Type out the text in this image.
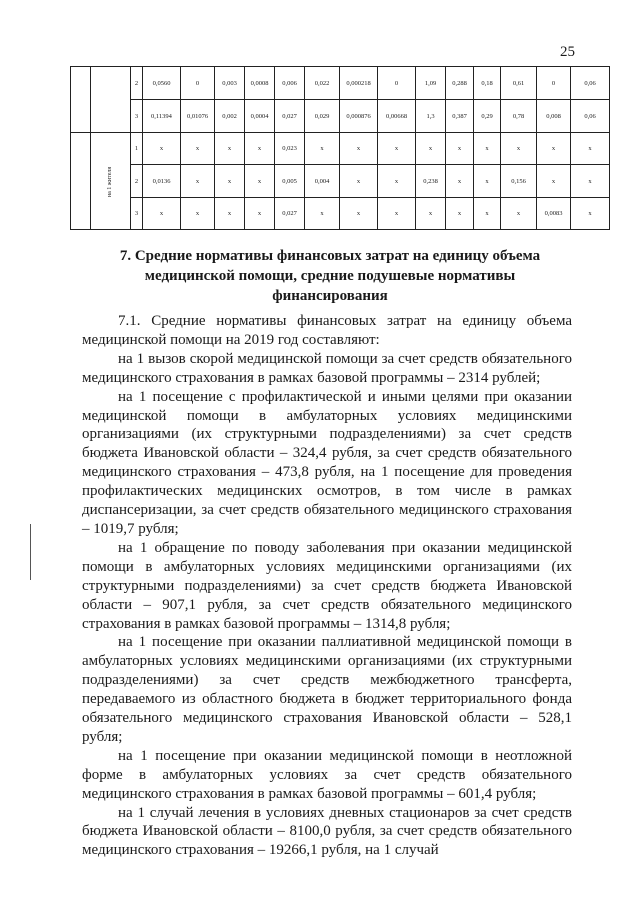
25
		2	0,0560	0	0,003	0,0008	0,006	0,022	0,000218	0	1,09	0,288	0,18	0,61	0	0,06
		3	0,11394	0,01076	0,002	0,0004	0,027	0,029	0,000876	0,00668	1,3	0,387	0,29	0,78	0,008	0,06
	на 1 жителя	1	x	x	x	x	0,023	x	x	x	x	x	x	x	x	x
		2	0,0136	x	x	x	0,005	0,004	x	x	0,238	x	x	0,156	x	x
		3	x	x	x	x	0,027	x	x	x	x	x	x	x	0,0083	x
7. Средние нормативы финансовых затрат на единицу объема медицинской помощи, средние подушевые нормативы финансирования

7.1. Средние нормативы финансовых затрат на единицу объема медицинской помощи на 2019 год составляют:

на 1 вызов скорой медицинской помощи за счет средств обязательного медицинского страхования в рамках базовой программы – 2314 рублей;

на 1 посещение с профилактической и иными целями при оказании медицинской помощи в амбулаторных условиях медицинскими организациями (их структурными подразделениями) за счет средств бюджета Ивановской области – 324,4 рубля, за счет средств обязательного медицинского страхования – 473,8 рубля, на 1 посещение для проведения профилактических медицинских осмотров, в том числе в рамках диспансеризации, за счет средств обязательного медицинского страхования – 1019,7 рубля;

на 1 обращение по поводу заболевания при оказании медицинской помощи в амбулаторных условиях медицинскими организациями (их структурными подразделениями) за счет средств бюджета Ивановской области – 907,1 рубля, за счет средств обязательного медицинского страхования в рамках базовой программы – 1314,8 рубля;

на 1 посещение при оказании паллиативной медицинской помощи в амбулаторных условиях медицинскими организациями (их структурными подразделениями) за счет средств межбюджетного трансферта, передаваемого из областного бюджета в бюджет территориального фонда обязательного медицинского страхования Ивановской области – 528,1 рубля;

на 1 посещение при оказании медицинской помощи в неотложной форме в амбулаторных условиях за счет средств обязательного медицинского страхования в рамках базовой программы – 601,4 рубля;

на 1 случай лечения в условиях дневных стационаров за счет средств бюджета Ивановской области – 8100,0 рубля, за счет средств обязательного медицинского страхования – 19266,1 рубля, на 1 случай
